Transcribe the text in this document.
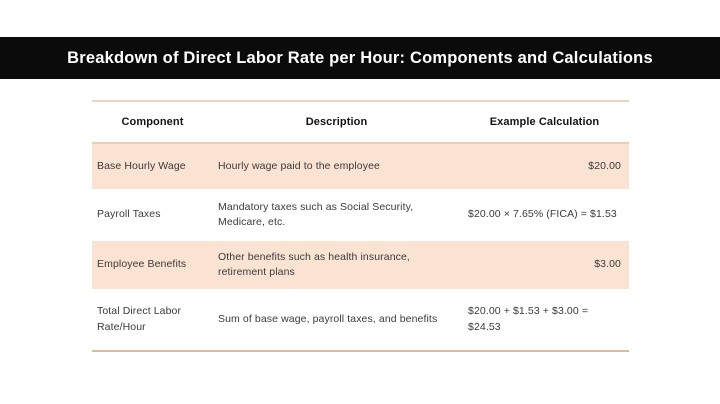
Breakdown of Direct Labor Rate per Hour: Components and Calculations
Component	Description	Example Calculation
Base Hourly Wage	Hourly wage paid to the employee	$20.00
Payroll Taxes	Mandatory taxes such as Social Security, Medicare, etc.	$20.00 × 7.65% (FICA) = $1.53
Employee Benefits	Other benefits such as health insurance, retirement plans	$3.00
Total Direct Labor Rate/Hour	Sum of base wage, payroll taxes, and benefits	$20.00 + $1.53 + $3.00 = $24.53
